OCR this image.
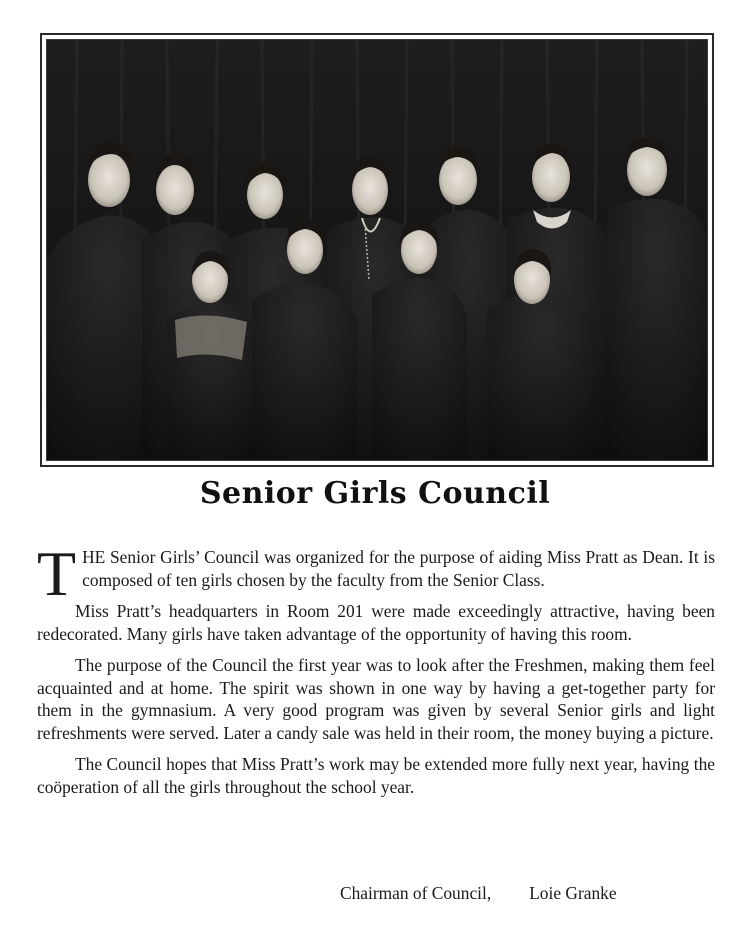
Senior Girls Council

THE Senior Girls’ Council was organized for the purpose of aiding Miss Pratt as Dean. It is composed of ten girls chosen by the faculty from the Senior Class.

Miss Pratt’s headquarters in Room 201 were made exceedingly attractive, having been redecorated. Many girls have taken advantage of the opportunity of having this room.

The purpose of the Council the first year was to look after the Freshmen, making them feel acquainted and at home. The spirit was shown in one way by having a get-together party for them in the gymnasium. A very good program was given by several Senior girls and light refreshments were served. Later a candy sale was held in their room, the money buying a picture.

The Council hopes that Miss Pratt’s work may be extended more fully next year, having the coöperation of all the girls throughout the school year.

Chairman of Council, Loie Granke
